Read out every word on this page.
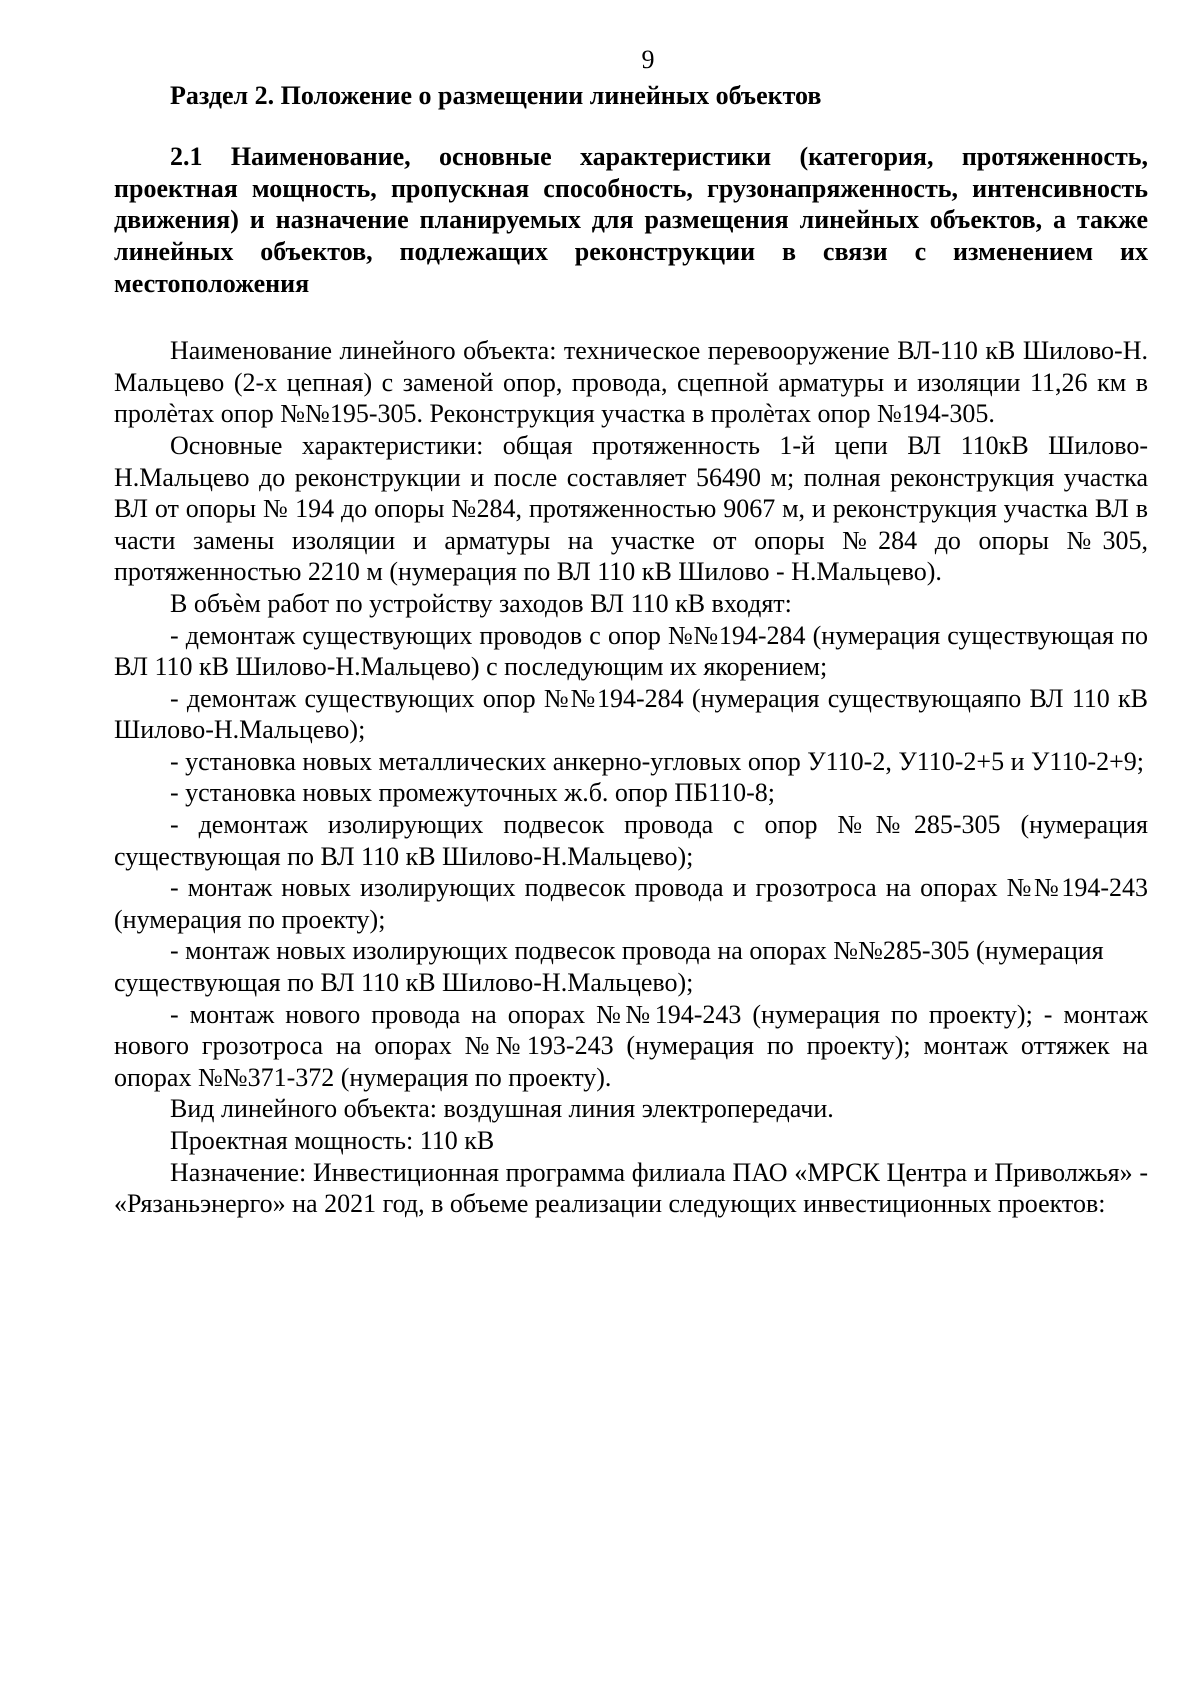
9
Раздел 2. Положение о размещении линейных объектов
2.1 Наименование, основные характеристики (категория, протяженность, проектная мощность, пропускная способность, грузонапряженность, интенсивность движения) и назначение планируемых для размещения линейных объектов, а также линейных объектов, подлежащих реконструкции в связи с изменением их местоположения

Наименование линейного объекта: техническое перевооружение ВЛ-110 кВ Шилово-Н. Мальцево (2-х цепная) с заменой опор, провода, сцепной арматуры и изоляции 11,26 км в пролѐтах опор №№195-305. Реконструкция участка в пролѐтах опор №194-305.

Основные характеристики: общая протяженность 1-й цепи ВЛ 110кВ Шилово-Н.Мальцево до реконструкции и после составляет 56490 м; полная реконструкция участка ВЛ от опоры № 194 до опоры №284, протяженностью 9067 м, и реконструкция участка ВЛ в части замены изоляции и арматуры на участке от опоры №284 до опоры №305, протяженностью 2210 м (нумерация по ВЛ 110 кВ Шилово - Н.Мальцево).

В объѐм работ по устройству заходов ВЛ 110 кВ входят:

- демонтаж существующих проводов с опор №№194-284 (нумерация существующая по ВЛ 110 кВ Шилово-Н.Мальцево) с последующим их якорением;

- демонтаж существующих опор №№194-284 (нумерация существующаяпо ВЛ 110 кВ Шилово-Н.Мальцево);

- установка новых металлических анкерно-угловых опор У110-2, У110-2+5 и У110-2+9;

- установка новых промежуточных ж.б. опор ПБ110-8;

- демонтаж изолирующих подвесок провода с опор №№285-305 (нумерация существующая по ВЛ 110 кВ Шилово-Н.Мальцево);

- монтаж новых изолирующих подвесок провода и грозотроса на опорах №№194-243 (нумерация по проекту);

- монтаж новых изолирующих подвесок провода на опорах №№285-305 (нумерация существующая по ВЛ 110 кВ Шилово-Н.Мальцево);

- монтаж нового провода на опорах №№194-243 (нумерация по проекту); - монтаж нового грозотроса на опорах №№193-243 (нумерация по проекту); монтаж оттяжек на опорах №№371-372 (нумерация по проекту).

Вид линейного объекта: воздушная линия электропередачи.

Проектная мощность: 110 кВ

Назначение: Инвестиционная программа филиала ПАО «МРСК Центра и Приволжья» - «Рязаньэнерго» на 2021 год, в объеме реализации следующих инвестиционных проектов:
